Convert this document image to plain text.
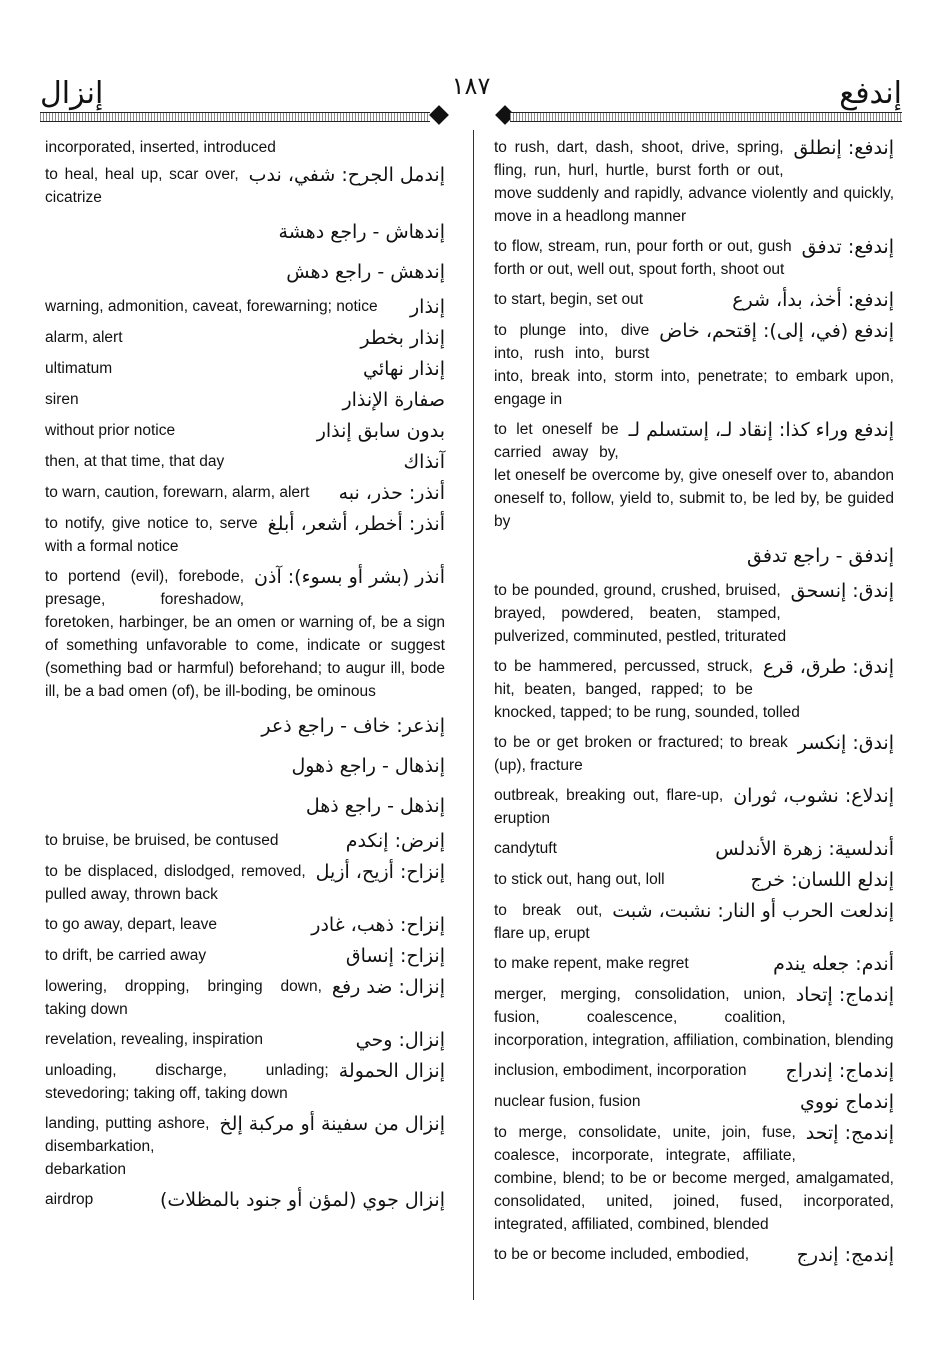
إنزال	١٨٧	إندفع
incorporated, inserted, introduced
إندمل الجرح: شفي، ندب
to heal, heal up, scar over, cicatrize
إندهاش - راجع دهشة
إندهش - راجع دهش
إنذار
warning, admonition, caveat, forewarning; notice
إنذار بخطر
alarm, alert
إنذار نهائي
ultimatum
صفارة الإنذار
siren
بدون سابق إنذار
without prior notice
آنذاك
then, at that time, that day
أنذر: حذر، نبه
to warn, caution, forewarn, alarm, alert
أنذر: أخطر، أشعر، أبلغ
to notify, give notice to, serve with a formal notice
أنذر (بشر أو بسوء): آذن
to portend (evil), forebode, presage, foreshadow, foretoken, harbinger, be an omen or warning of, be a sign of something unfavorable to come, indicate or suggest (something bad or harmful) beforehand; to augur ill, bode ill, be a bad omen (of), be ill-boding, be ominous
إنذعر: خاف - راجع ذعر
إنذهال - راجع ذهول
إنذهل - راجع ذهل
إنرض: إنكدم
to bruise, be bruised, be contused
إنزاح: أزيح، أزيل
to be displaced, dislodged, removed, pulled away, thrown back
إنزاح: ذهب، غادر
to go away, depart, leave
إنزاح: إنساق
to drift, be carried away
إنزال: ضد رفع
lowering, dropping, bringing down, taking down
إنزال: وحي
revelation, revealing, inspiration
إنزال الحمولة
unloading, discharge, unlading; stevedoring; taking off, taking down
إنزال من سفينة أو مركبة إلخ
landing, putting ashore, disembarkation, debarkation
إنزال جوي (لمؤن أو جنود بالمظلات)
airdrop
إندفع: إنطلق
to rush, dart, dash, shoot, drive, spring, fling, run, hurl, hurtle, burst forth or out, move suddenly and rapidly, advance violently and quickly, move in a headlong manner
إندفع: تدفق
to flow, stream, run, pour forth or out, gush forth or out, well out, spout forth, shoot out
إندفع: أخذ، بدأ، شرع
to start, begin, set out
إندفع (في، إلى): إقتحم، خاض
to plunge into, dive into, rush into, burst into, break into, storm into, penetrate; to embark upon, engage in
إندفع وراء كذا: إنقاد لـ، إستسلم لـ
to let oneself be carried away by, let oneself be overcome by, give oneself over to, abandon oneself to, follow, yield to, submit to, be led by, be guided by
إندفق - راجع تدفق
إندق: إنسحق
to be pounded, ground, crushed, bruised, brayed, powdered, beaten, stamped, pulverized, comminuted, pestled, triturated
إندق: طرق، قرع
to be hammered, percussed, struck, hit, beaten, banged, rapped; to be knocked, tapped; to be rung, sounded, tolled
إندق: إنكسر
to be or get broken or fractured; to break (up), fracture
إندلاع: نشوب، ثوران
outbreak, breaking out, flare-up, eruption
أندلسية: زهرة الأندلس
candytuft
إندلع اللسان: خرج
to stick out, hang out, loll
إندلعت الحرب أو النار: نشبت، شبت
to break out, flare up, erupt
أندم: جعله يندم
to make repent, make regret
إندماج: إتحاد
merger, merging, consolidation, union, fusion, coalescence, coalition, incorporation, integration, affiliation, combination, blending
إندماج: إندراج
inclusion, embodiment, incorporation
إندماج نووي
nuclear fusion, fusion
إندمج: إتحد
to merge, consolidate, unite, join, fuse, coalesce, incorporate, integrate, affiliate, combine, blend; to be or become merged, amalgamated, consolidated, united, joined, fused, incorporated, integrated, affiliated, combined, blended
إندمج: إندرج
to be or become included, embodied,
